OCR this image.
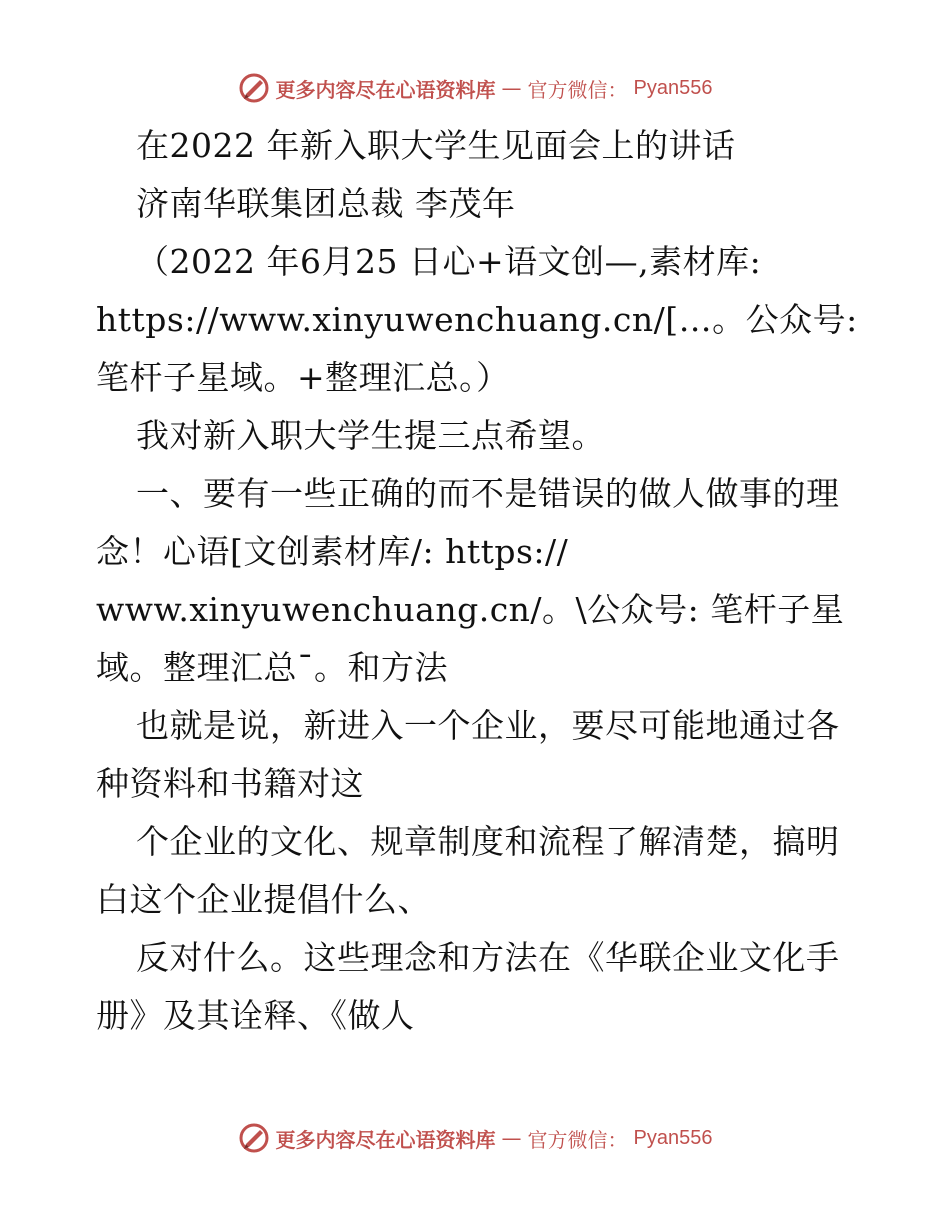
更多内容尽在心语资料库 — 官方微信： Pyan556
在2022 年新入职大学生见面会上的讲话
济南华联集团总裁 李茂年
（2022 年6月25 日心+语文创—,素材库:
https://www.xinyuwenchuang.cn/[…。公众号:
笔杆子星域。+整理汇总。）
我对新入职大学生提三点希望。
一、要有一些正确的而不是错误的做人做事的理
念！心语[文创素材库/: https://
www.xinyuwenchuang.cn/。\公众号: 笔杆子星
域。整理汇总¯。和方法
也就是说，新进入一个企业，要尽可能地通过各
种资料和书籍对这
个企业的文化、规章制度和流程了解清楚，搞明
白这个企业提倡什么、
反对什么。这些理念和方法在《华联企业文化手
册》及其诠释、《做人
更多内容尽在心语资料库 — 官方微信： Pyan556
